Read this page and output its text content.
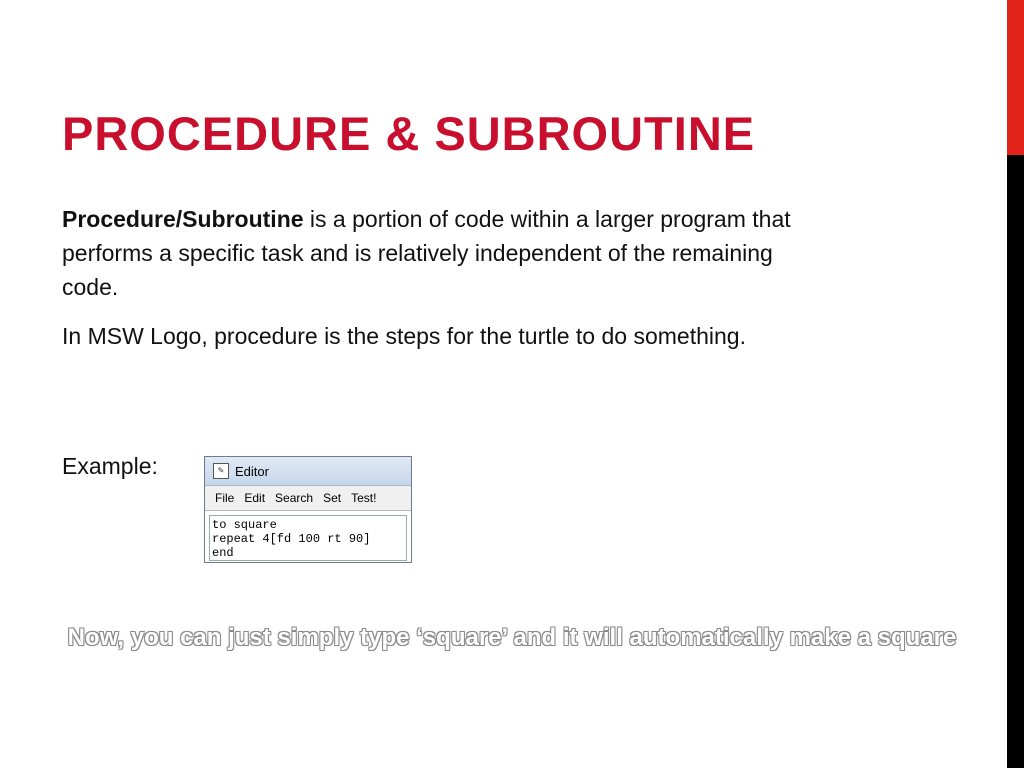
PROCEDURE & SUBROUTINE

Procedure/Subroutine is a portion of code within a larger program that performs a specific task and is relatively independent of the remaining code.

In MSW Logo, procedure is the steps for the turtle to do something.

Example:	✎ Editor
File Edit Search Set Test!
to square
repeat 4[fd 100 rt 90]
end
Now, you can just simply type ‘square’ and it will automatically make a square
